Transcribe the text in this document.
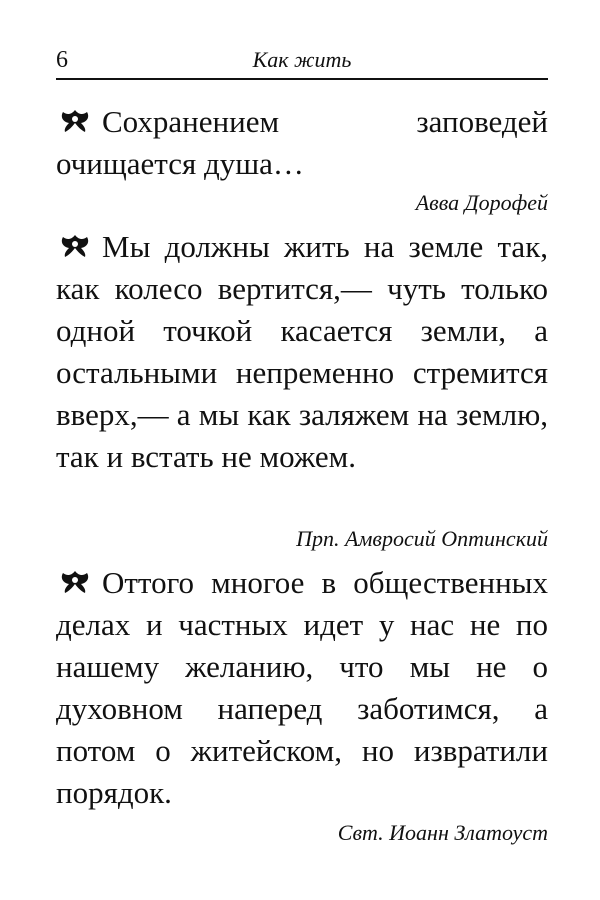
6	Как жить
Сохранением заповедей очищается душа…
Авва Дорофей
Мы должны жить на земле так, как колесо вертится,— чуть только одной точкой касается земли, а остальными непременно стремится вверх,— а мы как заляжем на землю, так и встать не можем.
Прп. Амвросий Оптинский
Оттого многое в общественных делах и частных идет у нас не по нашему желанию, что мы не о духовном наперед заботимся, а потом о житейском, но извратили порядок.
Свт. Иоанн Златоуст
